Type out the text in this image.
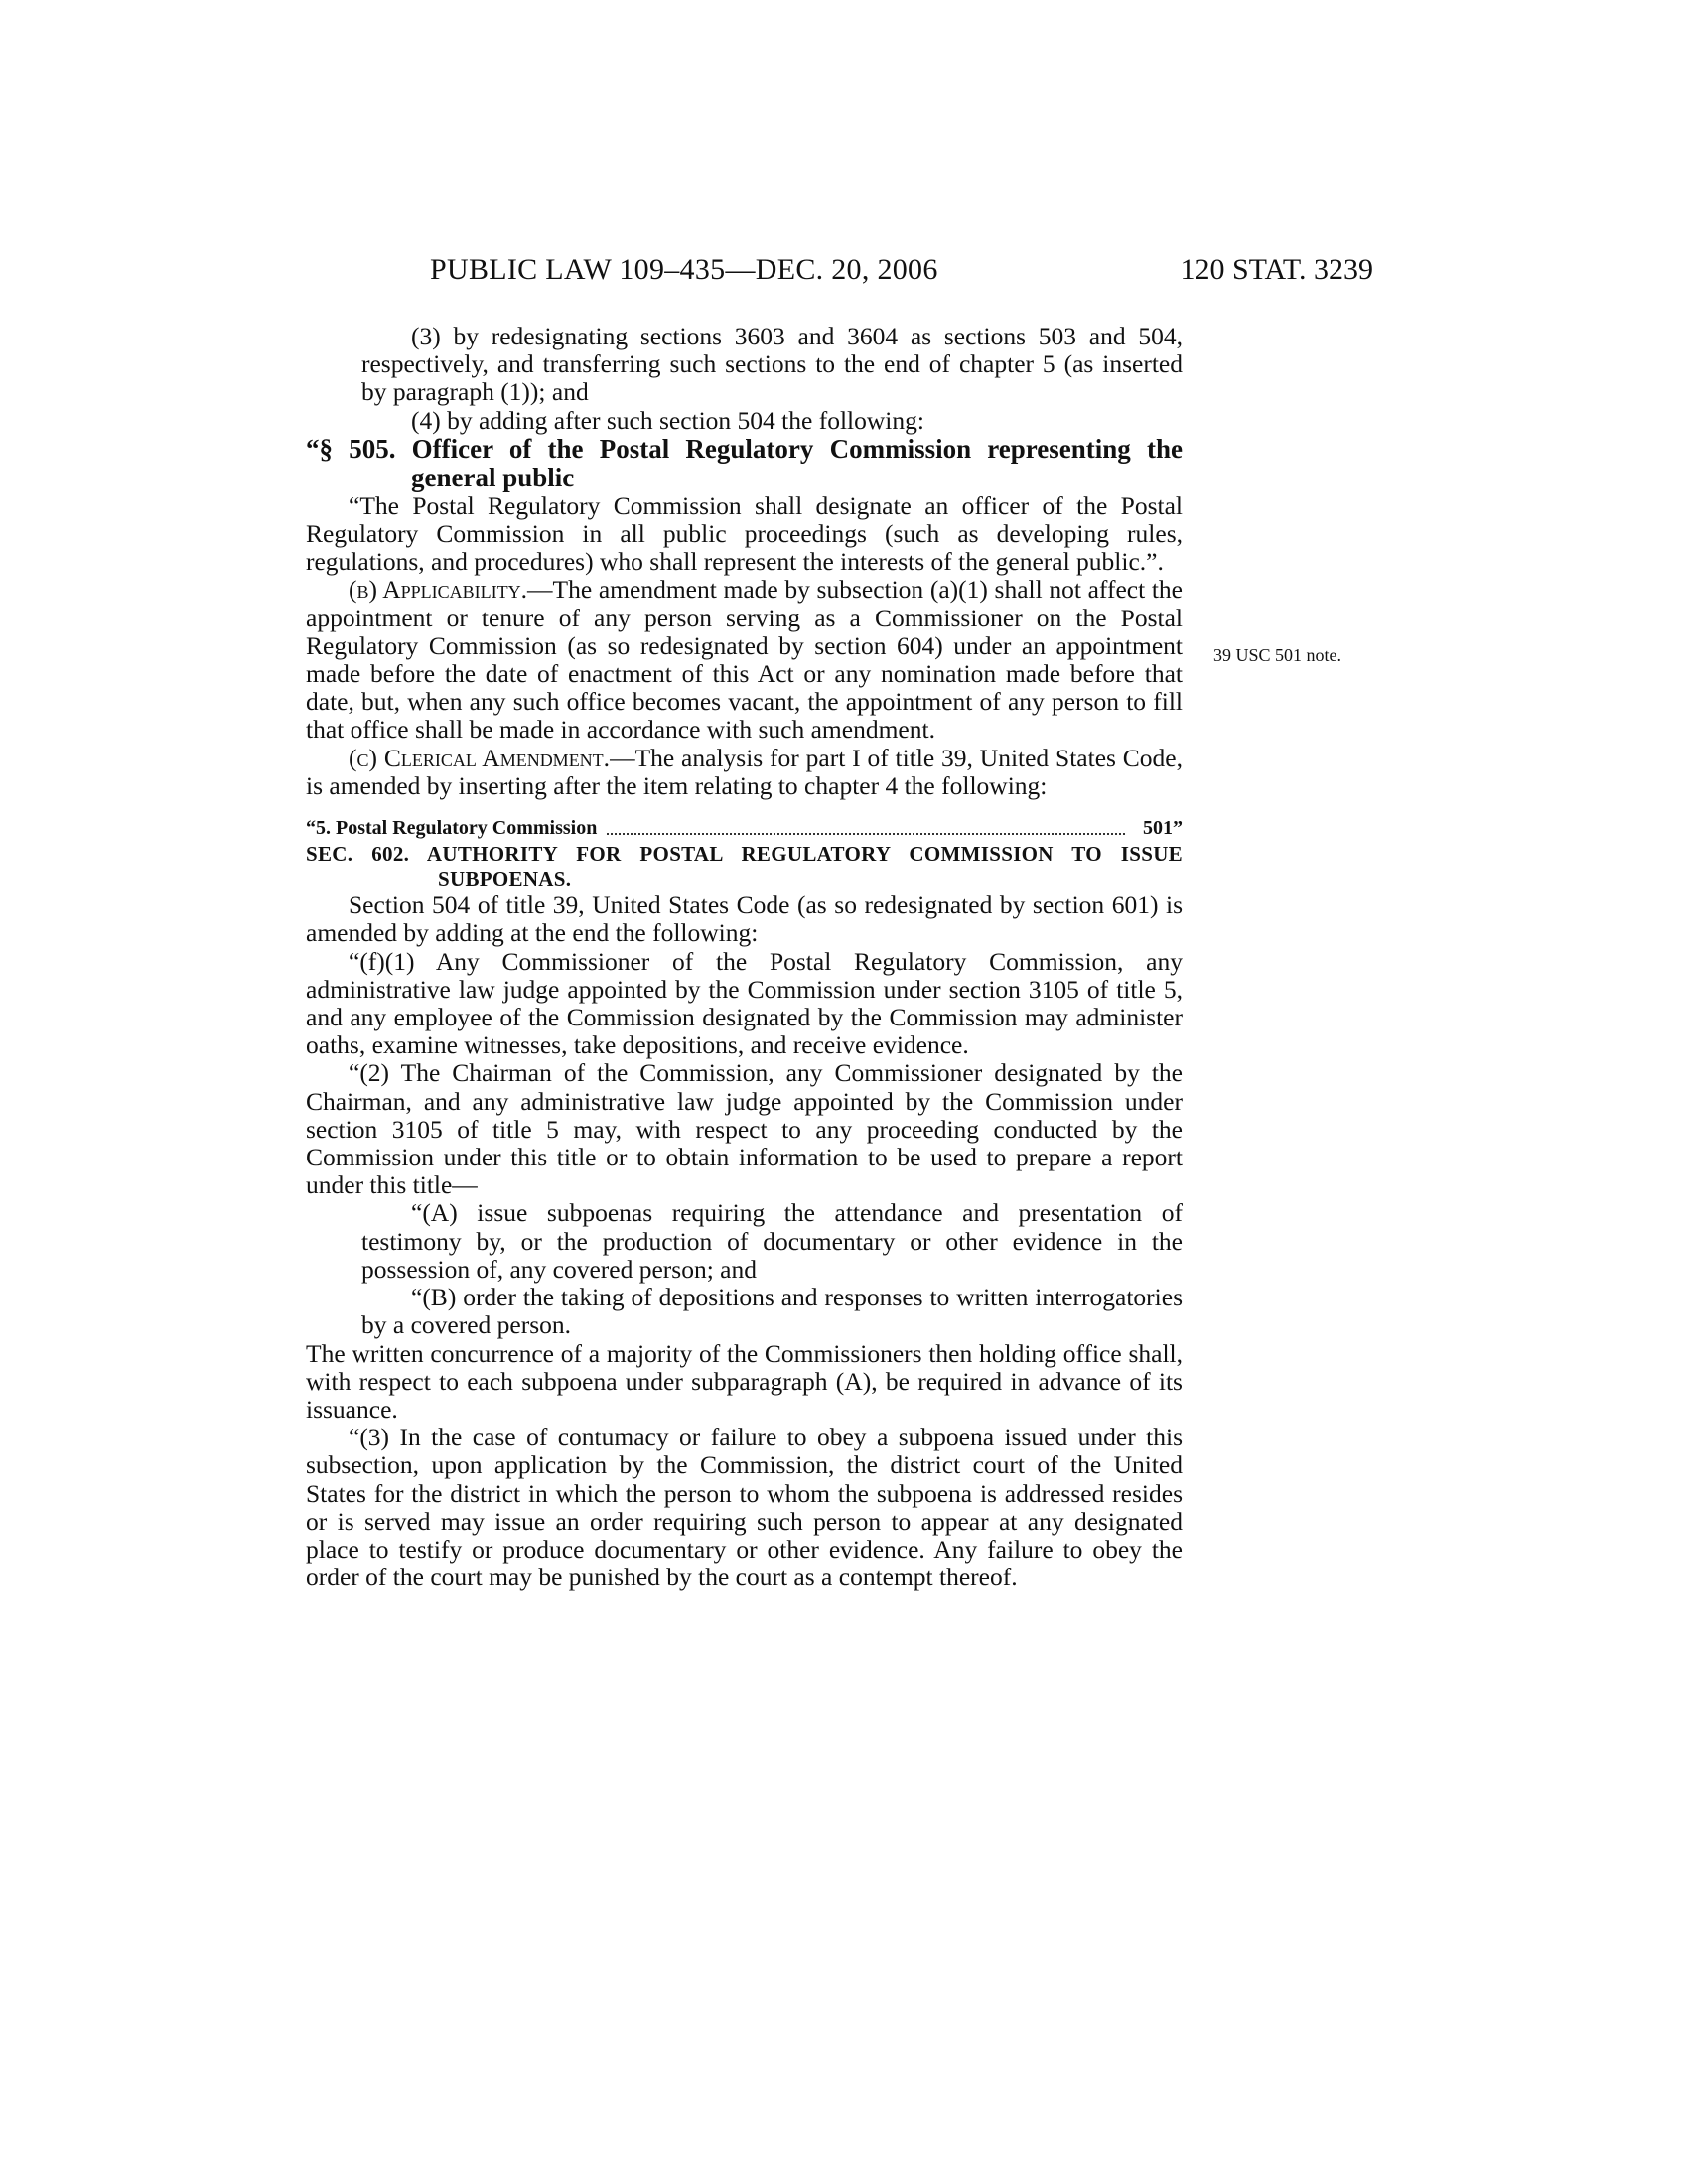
PUBLIC LAW 109–435—DEC. 20, 2006	120 STAT. 3239
39 USC 501 note.

(3) by redesignating sections 3603 and 3604 as sections 503 and 504, respectively, and transferring such sections to the end of chapter 5 (as inserted by paragraph (1)); and

(4) by adding after such section 504 the following:

“§ 505. Officer of the Postal Regulatory Commission representing the general public

“The Postal Regulatory Commission shall designate an officer of the Postal Regulatory Commission in all public proceedings (such as developing rules, regulations, and procedures) who shall represent the interests of the general public.”.

(b) Applicability.—The amendment made by subsection (a)(1) shall not affect the appointment or tenure of any person serving as a Commissioner on the Postal Regulatory Commission (as so redesignated by section 604) under an appointment made before the date of enactment of this Act or any nomination made before that date, but, when any such office becomes vacant, the appointment of any person to fill that office shall be made in accordance with such amendment.

(c) Clerical Amendment.—The analysis for part I of title 39, United States Code, is amended by inserting after the item relating to chapter 4 the following:

“5. Postal Regulatory Commission	501”

SEC. 602. AUTHORITY FOR POSTAL REGULATORY COMMISSION TO ISSUE SUBPOENAS.

Section 504 of title 39, United States Code (as so redesignated by section 601) is amended by adding at the end the following:

“(f)(1) Any Commissioner of the Postal Regulatory Commission, any administrative law judge appointed by the Commission under section 3105 of title 5, and any employee of the Commission designated by the Commission may administer oaths, examine witnesses, take depositions, and receive evidence.

“(2) The Chairman of the Commission, any Commissioner designated by the Chairman, and any administrative law judge appointed by the Commission under section 3105 of title 5 may, with respect to any proceeding conducted by the Commission under this title or to obtain information to be used to prepare a report under this title—

“(A) issue subpoenas requiring the attendance and presentation of testimony by, or the production of documentary or other evidence in the possession of, any covered person; and

“(B) order the taking of depositions and responses to written interrogatories by a covered person.

The written concurrence of a majority of the Commissioners then holding office shall, with respect to each subpoena under subparagraph (A), be required in advance of its issuance.

“(3) In the case of contumacy or failure to obey a subpoena issued under this subsection, upon application by the Commission, the district court of the United States for the district in which the person to whom the subpoena is addressed resides or is served may issue an order requiring such person to appear at any designated place to testify or produce documentary or other evidence. Any failure to obey the order of the court may be punished by the court as a contempt thereof.
